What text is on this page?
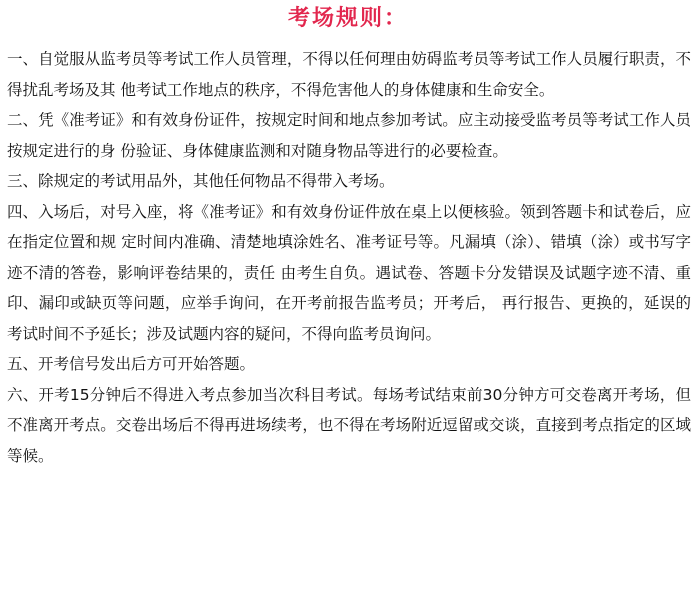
考场规则：

一、自觉服从监考员等考试工作人员管理，不得以任何理由妨碍监考员等考试工作人员履行职责，不得扰乱考场及其 他考试工作地点的秩序，不得危害他人的身体健康和生命安全。

二、凭《准考证》和有效身份证件，按规定时间和地点参加考试。应主动接受监考员等考试工作人员按规定进行的身 份验证、身体健康监测和对随身物品等进行的必要检查。

三、除规定的考试用品外，其他任何物品不得带入考场。

四、入场后，对号入座，将《准考证》和有效身份证件放在桌上以便核验。领到答题卡和试卷后，应在指定位置和规 定时间内准确、清楚地填涂姓名、准考证号等。凡漏填（涂）、错填（涂）或书写字迹不清的答卷，影响评卷结果的，责任 由考生自负。遇试卷、答题卡分发错误及试题字迹不清、重印、漏印或缺页等问题，应举手询问，在开考前报告监考员；开考后， 再行报告、更换的，延误的考试时间不予延长；涉及试题内容的疑问，不得向监考员询问。

五、开考信号发出后方可开始答题。

六、开考15分钟后不得进入考点参加当次科目考试。每场考试结束前30分钟方可交卷离开考场，但不准离开考点。交卷出场后不得再进场续考，也不得在考场附近逗留或交谈，直接到考点指定的区域等候。
